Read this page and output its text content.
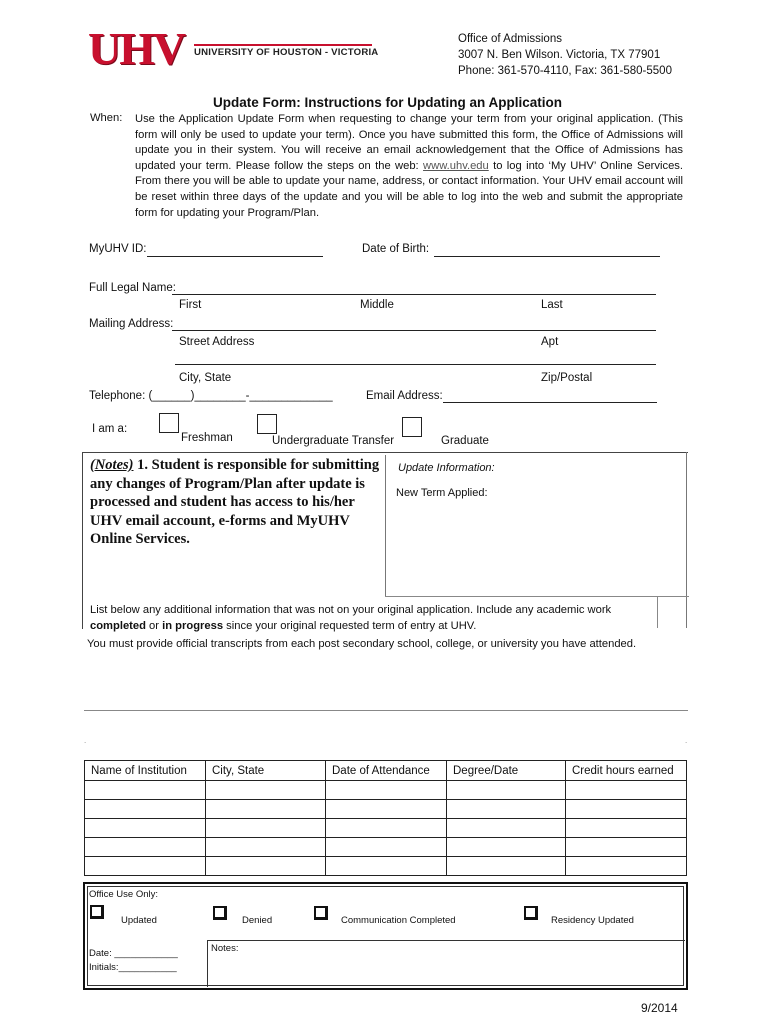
UHV UNIVERSITY OF HOUSTON - VICTORIA
Office of Admissions
3007 N. Ben Wilson. Victoria, TX 77901
Phone: 361-570-4110, Fax: 361-580-5500
Update Form: Instructions for Updating an Application
When: Use the Application Update Form when requesting to change your term from your original application. (This form will only be used to update your term). Once you have submitted this form, the Office of Admissions will update you in their system. You will receive an email acknowledgement that the Office of Admissions has updated your term. Please follow the steps on the web: www.uhv.edu to log into ‘My UHV’ Online Services. From there you will be able to update your name, address, or contact information. Your UHV email account will be reset within three days of the update and you will be able to log into the web and submit the appropriate form for updating your Program/Plan.
MyUHV ID:	Date of Birth:
Full Legal Name:
First	Middle	Last
Mailing Address:
Street Address	Apt
City, State	Zip/Postal
Telephone: (______)________-_____________	Email Address:
I am a:
Freshman	Undergraduate Transfer	Graduate
(Notes) 1. Student is responsible for submitting any changes of Program/Plan after update is processed and student has access to his/her UHV email account, e-forms and MyUHV Online Services.
Update Information:
New Term Applied:
List below any additional information that was not on your original application. Include any academic work
completed or in progress since your original requested term of entry at UHV.
You must provide official transcripts from each post secondary school, college, or university you have attended.
.	.
Name of Institution	City, State	Date of Attendance	Degree/Date	Credit hours earned

Office Use Only:
Updated	Denied	Communication Completed	Residency Updated
Notes:
Date: ____________
Initials:___________
9/2014
